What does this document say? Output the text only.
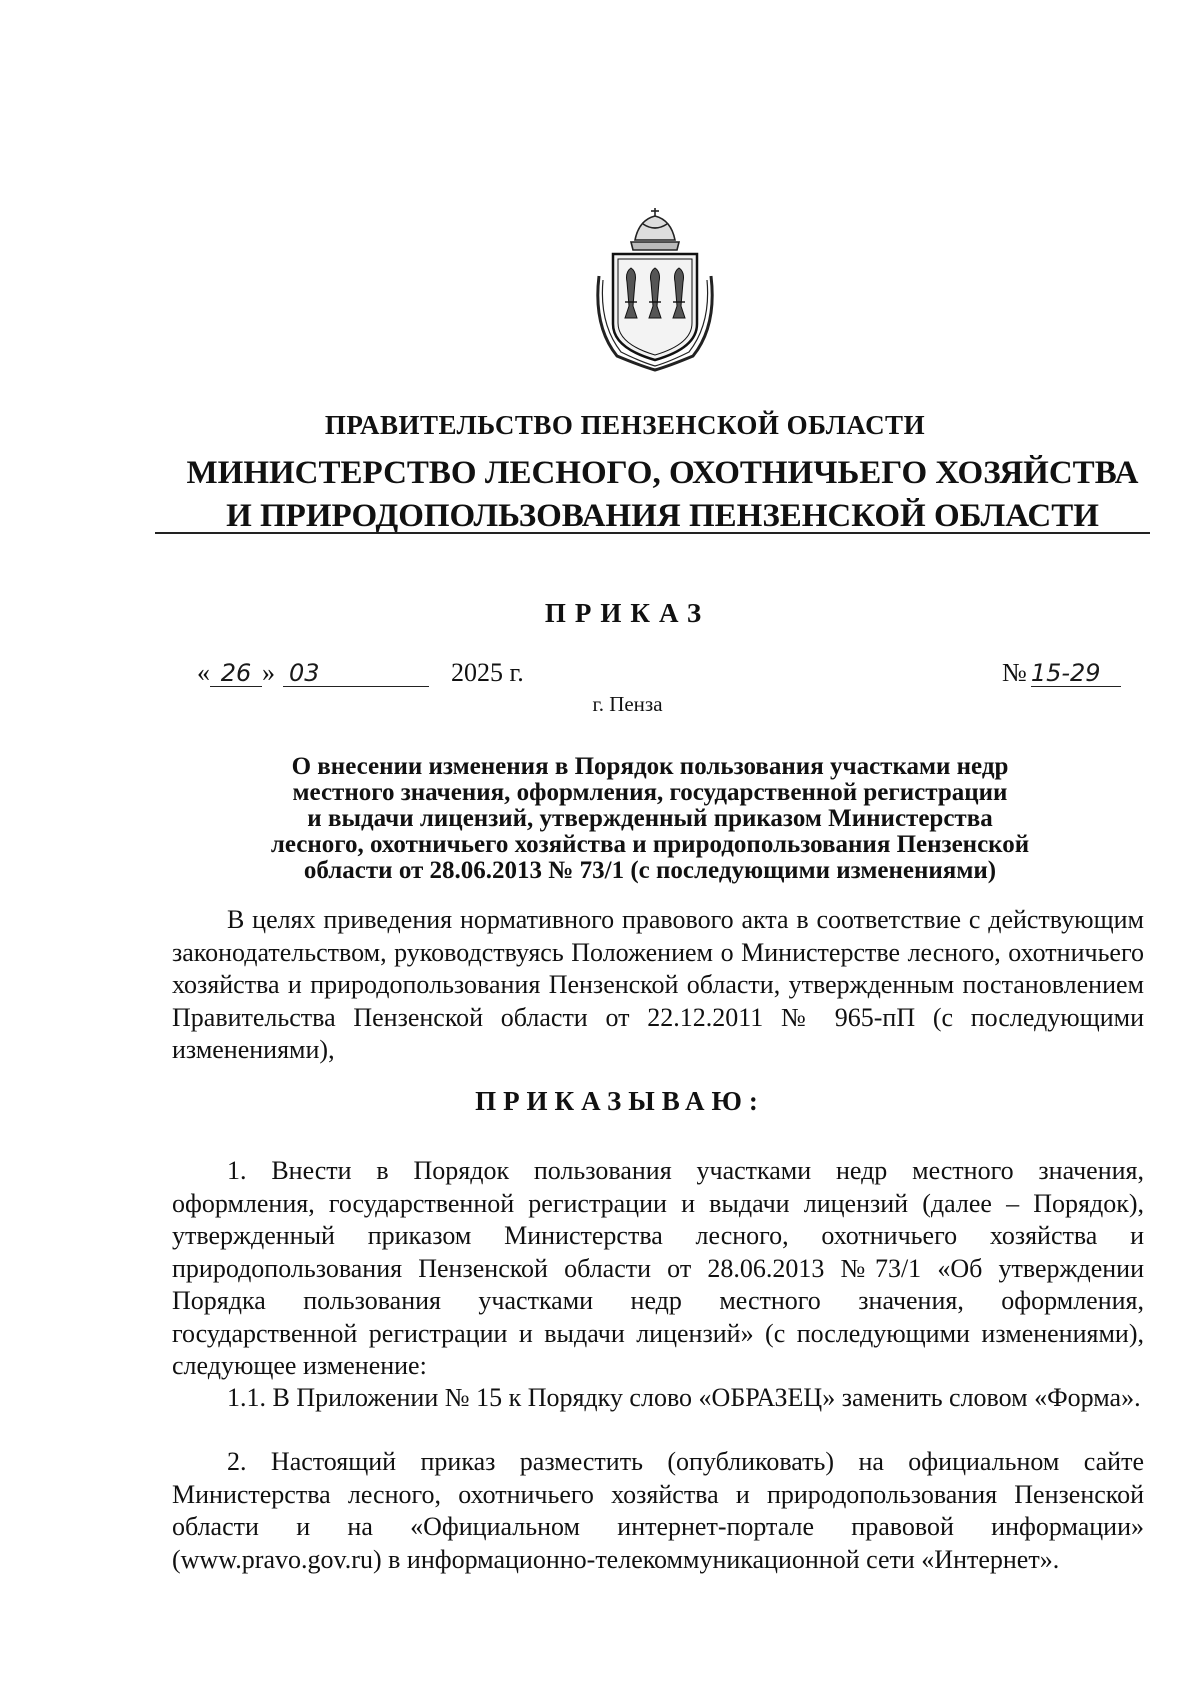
ПРАВИТЕЛЬСТВО ПЕНЗЕНСКОЙ ОБЛАСТИ
МИНИСТЕРСТВО ЛЕСНОГО, ОХОТНИЧЬЕГО ХОЗЯЙСТВА
И ПРИРОДОПОЛЬЗОВАНИЯ ПЕНЗЕНСКОЙ ОБЛАСТИ
ПРИКАЗ
« 26 » 03	2025 г.	№ 15-29
г. Пенза
О внесении изменения в Порядок пользования участками недр
местного значения, оформления, государственной регистрации
и выдачи лицензий, утвержденный приказом Министерства
лесного, охотничьего хозяйства и природопользования Пензенской
области от 28.06.2013 № 73/1 (с последующими изменениями)
В целях приведения нормативного правового акта в соответствие с действующим законодательством, руководствуясь Положением о Министерстве лесного, охотничьего хозяйства и природопользования Пензенской области, утвержденным постановлением Правительства Пензенской области от 22.12.2011 № 965-пП (с последующими изменениями),
ПРИКАЗЫВАЮ:
1. Внести в Порядок пользования участками недр местного значения, оформления, государственной регистрации и выдачи лицензий (далее – Порядок), утвержденный приказом Министерства лесного, охотничьего хозяйства и природопользования Пензенской области от 28.06.2013 №73/1 «Об утверждении Порядка пользования участками недр местного значения, оформления, государственной регистрации и выдачи лицензий» (с последующими изменениями), следующее изменение:
1.1. В Приложении № 15 к Порядку слово «ОБРАЗЕЦ» заменить словом «Форма».
2. Настоящий приказ разместить (опубликовать) на официальном сайте Министерства лесного, охотничьего хозяйства и природопользования Пензенской области и на «Официальном интернет-портале правовой информации» (www.pravo.gov.ru) в информационно-телекоммуникационной сети «Интернет».
